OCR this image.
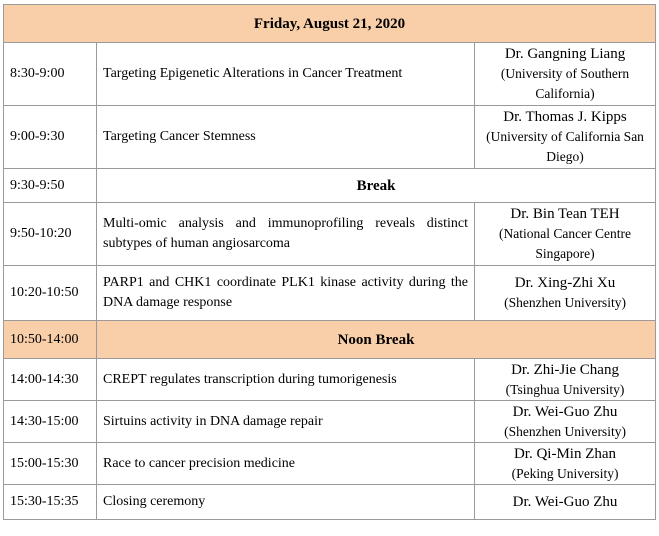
Friday, August 21, 2020		
8:30-9:00	Targeting Epigenetic Alterations in Cancer Treatment	Dr. Gangning Liang
(University of Southern California)

9:00-9:30	Targeting Cancer Stemness	Dr. Thomas J. Kipps
(University of California San Diego)

9:30-9:50	Break	
9:50-10:20	Multi-omic analysis and immunoprofiling reveals distinct subtypes of human angiosarcoma	Dr. Bin Tean TEH
(National Cancer Centre Singapore)

10:20-10:50	PARP1 and CHK1 coordinate PLK1 kinase activity during the DNA damage response	Dr. Xing-Zhi Xu
(Shenzhen University)

10:50-14:00	Noon Break	
14:00-14:30	CREPT regulates transcription during tumorigenesis	Dr. Zhi-Jie Chang
(Tsinghua University)

14:30-15:00	Sirtuins activity in DNA damage repair	Dr. Wei-Guo Zhu
(Shenzhen University)

15:00-15:30	Race to cancer precision medicine	Dr. Qi-Min Zhan
(Peking University)

15:30-15:35	Closing ceremony	Dr. Wei-Guo Zhu
